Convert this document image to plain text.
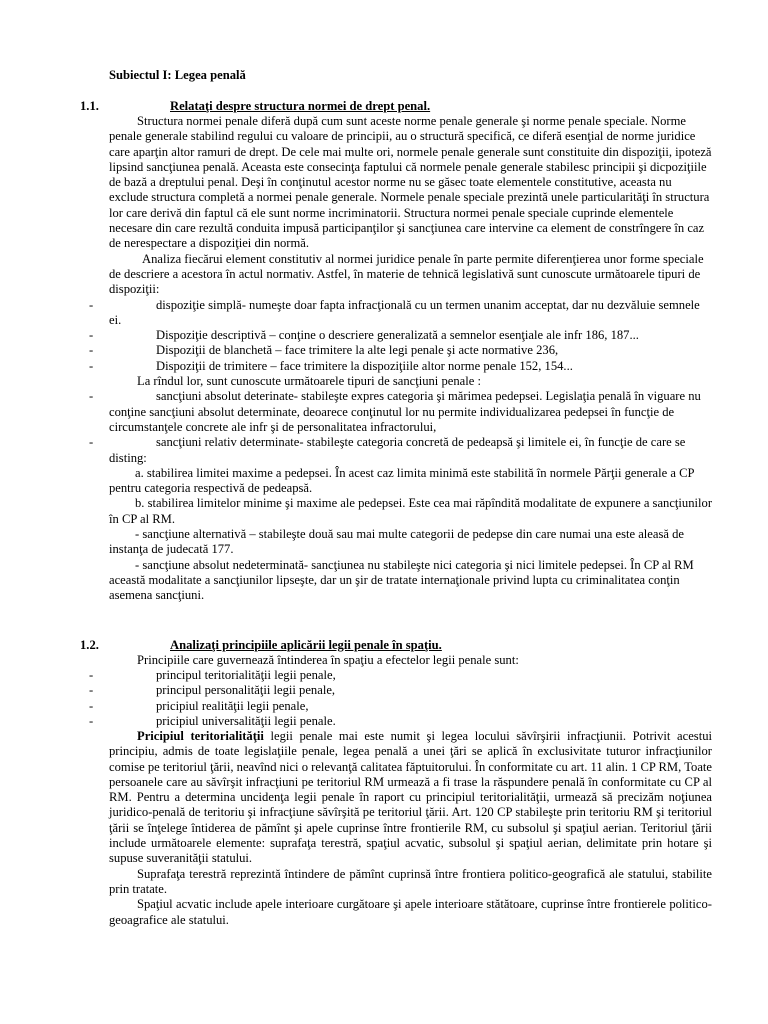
Subiectul I: Legea penală
1.1.	Relataţi despre structura normei de drept penal.
Structura normei penale diferă după cum sunt aceste norme penale generale şi norme penale speciale. Norme penale generale stabilind regului cu valoare de principii, au o structură specifică, ce diferă esenţial de norme juridice care aparţin altor ramuri de drept. De cele mai multe ori, normele penale generale sunt constituite din dispoziţii, ipoteză lipsind sancţiunea penală. Aceasta este consecinţa faptului că normele penale generale stabilesc principii şi dicpoziţiile de bază a dreptului penal. Deşi în conţinutul acestor norme nu se găsec toate elementele constitutive, aceasta nu exclude structura completă a normei penale generale. Normele penale speciale prezintă unele particularităţi în structura lor care derivă din faptul că ele sunt norme incriminatorii. Structura normei penale speciale cuprinde elementele necesare din care rezultă conduita impusă participanţilor şi sancţiunea care intervine ca element de constrîngere în caz de nerespectare a dispoziţiei din normă.
Analiza fiecărui element constitutiv al normei juridice penale în parte permite diferenţierea unor forme speciale de descriere a acestora în actul normativ. Astfel, în materie de tehnică legislativă sunt cunoscute următoarele tipuri de dispoziţii:
-	dispoziţie simplă- numeşte doar fapta infracţională cu un termen unanim acceptat, dar nu dezvăluie semnele ei.
-	Dispoziţie descriptivă – conţine o descriere generalizată a semnelor esenţiale ale infr 186, 187...
-	Dispoziţii de blanchetă – face trimitere la alte legi penale şi acte normative 236,
-	Dispoziţii de trimitere – face trimitere la dispoziţiile altor norme penale 152, 154...
La rîndul lor, sunt cunoscute următoarele tipuri de sancţiuni penale :
-	sancţiuni absolut deterinate- stabileşte expres categoria şi mărimea pedepsei. Legislaţia penală în viguare nu conţine sancţiuni absolut determinate, deoarece conţinutul lor nu permite individualizarea pedepsei în funcţie de circumstanţele concrete ale infr şi de personalitatea infractorului,
-	sancţiuni relativ determinate- stabileşte categoria concretă de pedeapsă şi limitele ei, în funcţie de care se disting:
a. stabilirea limitei maxime a pedepsei. În acest caz limita minimă este stabilită în normele Părţii generale a CP pentru categoria respectivă de pedeapsă.
b. stabilirea limitelor minime şi maxime ale pedepsei. Este cea mai răpîndită modalitate de expunere a sancţiunilor în CP al RM.
- sancţiune alternativă – stabileşte două sau mai multe categorii de pedepse din care numai una este aleasă de instanţa de judecată 177.
- sancţiune absolut nedeterminată- sancţiunea nu stabileşte nici categoria şi nici limitele pedepsei. În CP al RM această modalitate a sancţiunilor lipseşte, dar un şir de tratate internaţionale privind lupta cu criminalitatea conţin asemena sancţiuni.
1.2.	Analizaţi principiile aplicării legii penale în spaţiu.
Principiile care guvernează întinderea în spaţiu a efectelor legii penale sunt:
-	principul teritorialităţii legii penale,
-	principul personalităţii legii penale,
-	pricipiul realităţii legii penale,
-	pricipiul universalităţii legii penale.
Pricipiul teritorialităţii legii penale mai este numit şi legea locului săvîrşirii infracţiunii. Potrivit acestui principiu, admis de toate legislaţiile penale, legea penală a unei ţări se aplică în exclusivitate tuturor infracţiunilor comise pe teritoriul ţării, neavînd nici o relevanţă calitatea făptuitorului. În conformitate cu art. 11 alin. 1 CP RM, Toate persoanele care au săvîrşit infracţiuni pe teritoriul RM urmează a fi trase la răspundere penală în conformitate cu CP al RM. Pentru a determina uncidenţa legii penale în raport cu principiul teritorialităţii, urmează să precizăm noţiunea juridico-penală de teritoriu şi infracţiune săvîrşită pe teritoriul ţării. Art. 120 CP stabileşte prin teritoriu RM şi teritoriul ţării se înţelege întiderea de pămînt şi apele cuprinse între frontierile RM, cu subsolul şi spaţiul aerian. Teritoriul ţării include următoarele elemente: suprafaţa terestră, spaţiul acvatic, subsolul şi spaţiul aerian, delimitate prin hotare şi supuse suveranităţii statului.
Suprafaţa terestră reprezintă întindere de pămînt cuprinsă între frontiera politico-geografică ale statului, stabilite prin tratate.
Spaţiul acvatic include apele interioare curgătoare şi apele interioare stătătoare, cuprinse între frontierele politico-geoagrafice ale statului.
